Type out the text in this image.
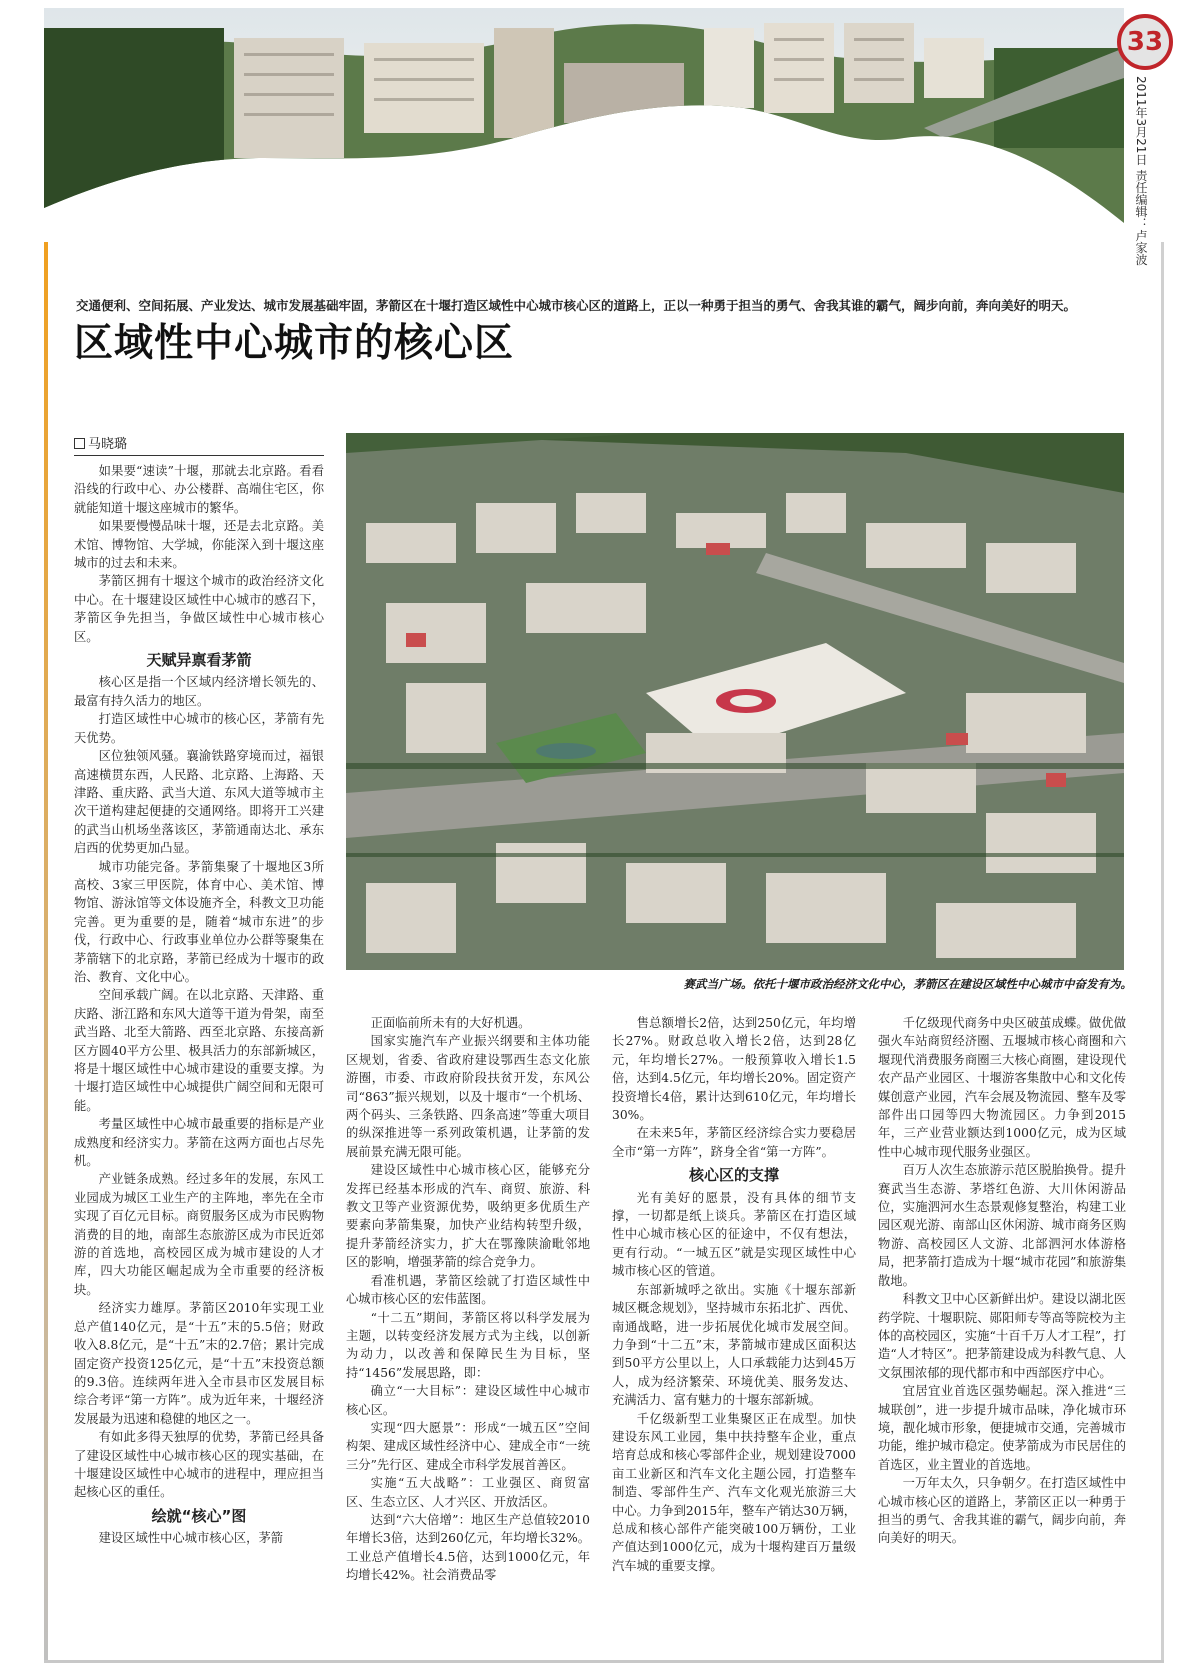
33
2011年3月21日 责任编辑：卢家波
交通便利、空间拓展、产业发达、城市发展基础牢固，茅箭区在十堰打造区域性中心城市核心区的道路上，正以一种勇于担当的勇气、舍我其谁的霸气，阔步向前，奔向美好的明天。
区域性中心城市的核心区
马晓璐
赛武当广场。依托十堰市政治经济文化中心，茅箭区在建设区域性中心城市中奋发有为。

如果要“速读”十堰，那就去北京路。看看沿线的行政中心、办公楼群、高端住宅区，你就能知道十堰这座城市的繁华。

如果要慢慢品味十堰，还是去北京路。美术馆、博物馆、大学城，你能深入到十堰这座城市的过去和未来。

茅箭区拥有十堰这个城市的政治经济文化中心。在十堰建设区域性中心城市的感召下，茅箭区争先担当，争做区域性中心城市核心区。

天赋异禀看茅箭

核心区是指一个区域内经济增长领先的、最富有持久活力的地区。

打造区域性中心城市的核心区，茅箭有先天优势。

区位独领风骚。襄渝铁路穿境而过，福银高速横贯东西，人民路、北京路、上海路、天津路、重庆路、武当大道、东风大道等城市主次干道构建起便捷的交通网络。即将开工兴建的武当山机场坐落该区，茅箭通南达北、承东启西的优势更加凸显。

城市功能完备。茅箭集聚了十堰地区3所高校、3家三甲医院，体育中心、美术馆、博物馆、游泳馆等文体设施齐全，科教文卫功能完善。更为重要的是，随着“城市东进”的步伐，行政中心、行政事业单位办公群等聚集在茅箭辖下的北京路，茅箭已经成为十堰市的政治、教育、文化中心。

空间承载广阔。在以北京路、天津路、重庆路、浙江路和东风大道等干道为骨架，南至武当路、北至大箭路、西至北京路、东接高新区方圆40平方公里、极具活力的东部新城区，将是十堰区域性中心城市建设的重要支撑。为十堰打造区域性中心城提供广阔空间和无限可能。

考量区域性中心城市最重要的指标是产业成熟度和经济实力。茅箭在这两方面也占尽先机。

产业链条成熟。经过多年的发展，东风工业园成为城区工业生产的主阵地，率先在全市实现了百亿元目标。商贸服务区成为市民购物消费的目的地，南部生态旅游区成为市民近郊游的首选地，高校园区成为城市建设的人才库，四大功能区崛起成为全市重要的经济板块。

经济实力雄厚。茅箭区2010年实现工业总产值140亿元，是“十五”末的5.5倍；财政收入8.8亿元，是“十五”末的2.7倍；累计完成固定资产投资125亿元，是“十五”末投资总额的9.3倍。连续两年进入全市县市区发展目标综合考评“第一方阵”。成为近年来，十堰经济发展最为迅速和稳健的地区之一。

有如此多得天独厚的优势，茅箭已经具备了建设区域性中心城市核心区的现实基础，在十堰建设区域性中心城市的进程中，理应担当起核心区的重任。

绘就“核心”图

建设区域性中心城市核心区，茅箭

正面临前所未有的大好机遇。

国家实施汽车产业振兴纲要和主体功能区规划，省委、省政府建设鄂西生态文化旅游圈，市委、市政府阶段扶贫开发，东风公司“863”振兴规划，以及十堰市“一个机场、两个码头、三条铁路、四条高速”等重大项目的纵深推进等一系列政策机遇，让茅箭的发展前景充满无限可能。

建设区域性中心城市核心区，能够充分发挥已经基本形成的汽车、商贸、旅游、科教文卫等产业资源优势，吸纳更多优质生产要素向茅箭集聚，加快产业结构转型升级，提升茅箭经济实力，扩大在鄂豫陕渝毗邻地区的影响，增强茅箭的综合竞争力。

看准机遇，茅箭区绘就了打造区域性中心城市核心区的宏伟蓝图。

“十二五”期间，茅箭区将以科学发展为主题，以转变经济发展方式为主线，以创新为动力，以改善和保障民生为目标，坚持“1456”发展思路，即：

确立“一大目标”：建设区域性中心城市核心区。

实现“四大愿景”：形成“一城五区”空间构架、建成区域性经济中心、建成全市“一统三分”先行区、建成全市科学发展首善区。

实施“五大战略”：工业强区、商贸富区、生态立区、人才兴区、开放活区。

达到“六大倍增”：地区生产总值较2010年增长3倍，达到260亿元，年均增长32%。工业总产值增长4.5倍，达到1000亿元，年均增长42%。社会消费品零

售总额增长2倍，达到250亿元，年均增长27%。财政总收入增长2倍，达到28亿元，年均增长27%。一般预算收入增长1.5倍，达到4.5亿元，年均增长20%。固定资产投资增长4倍，累计达到610亿元，年均增长30%。

在未来5年，茅箭区经济综合实力要稳居全市“第一方阵”，跻身全省“第一方阵”。

核心区的支撑

光有美好的愿景，没有具体的细节支撑，一切都是纸上谈兵。茅箭区在打造区域性中心城市核心区的征途中，不仅有想法，更有行动。“一城五区”就是实现区域性中心城市核心区的管道。

东部新城呼之欲出。实施《十堰东部新城区概念规划》，坚持城市东拓北扩、西优、南通战略，进一步拓展优化城市发展空间。力争到“十二五”末，茅箭城市建成区面积达到50平方公里以上，人口承载能力达到45万人，成为经济繁荣、环境优美、服务发达、充满活力、富有魅力的十堰东部新城。

千亿级新型工业集聚区正在成型。加快建设东风工业园，集中扶持整车企业，重点培育总成和核心零部件企业，规划建设7000亩工业新区和汽车文化主题公园，打造整车制造、零部件生产、汽车文化观光旅游三大中心。力争到2015年，整车产销达30万辆，总成和核心部件产能突破100万辆份，工业产值达到1000亿元，成为十堰构建百万量级汽车城的重要支撑。

千亿级现代商务中央区破茧成蝶。做优做强火车站商贸经济圈、五堰城市核心商圈和六堰现代消费服务商圈三大核心商圈，建设现代农产品产业园区、十堰游客集散中心和文化传媒创意产业园，汽车会展及物流园、整车及零部件出口园等四大物流园区。力争到2015年，三产业营业额达到1000亿元，成为区域性中心城市现代服务业强区。

百万人次生态旅游示范区脱胎换骨。提升赛武当生态游、茅塔红色游、大川休闲游品位，实施泗河水生态景观修复整治，构建工业园区观光游、南部山区休闲游、城市商务区购物游、高校园区人文游、北部泗河水体游格局，把茅箭打造成为十堰“城市花园”和旅游集散地。

科教文卫中心区新鲜出炉。建设以湖北医药学院、十堰职院、郧阳师专等高等院校为主体的高校园区，实施“十百千万人才工程”，打造“人才特区”。把茅箭建设成为科教气息、人文氛围浓郁的现代都市和中西部医疗中心。

宜居宜业首选区强势崛起。深入推进“三城联创”，进一步提升城市品味，净化城市环境，靓化城市形象，便捷城市交通，完善城市功能，维护城市稳定。使茅箭成为市民居住的首选区，业主置业的首选地。

一万年太久，只争朝夕。在打造区域性中心城市核心区的道路上，茅箭区正以一种勇于担当的勇气、舍我其谁的霸气，阔步向前，奔向美好的明天。
